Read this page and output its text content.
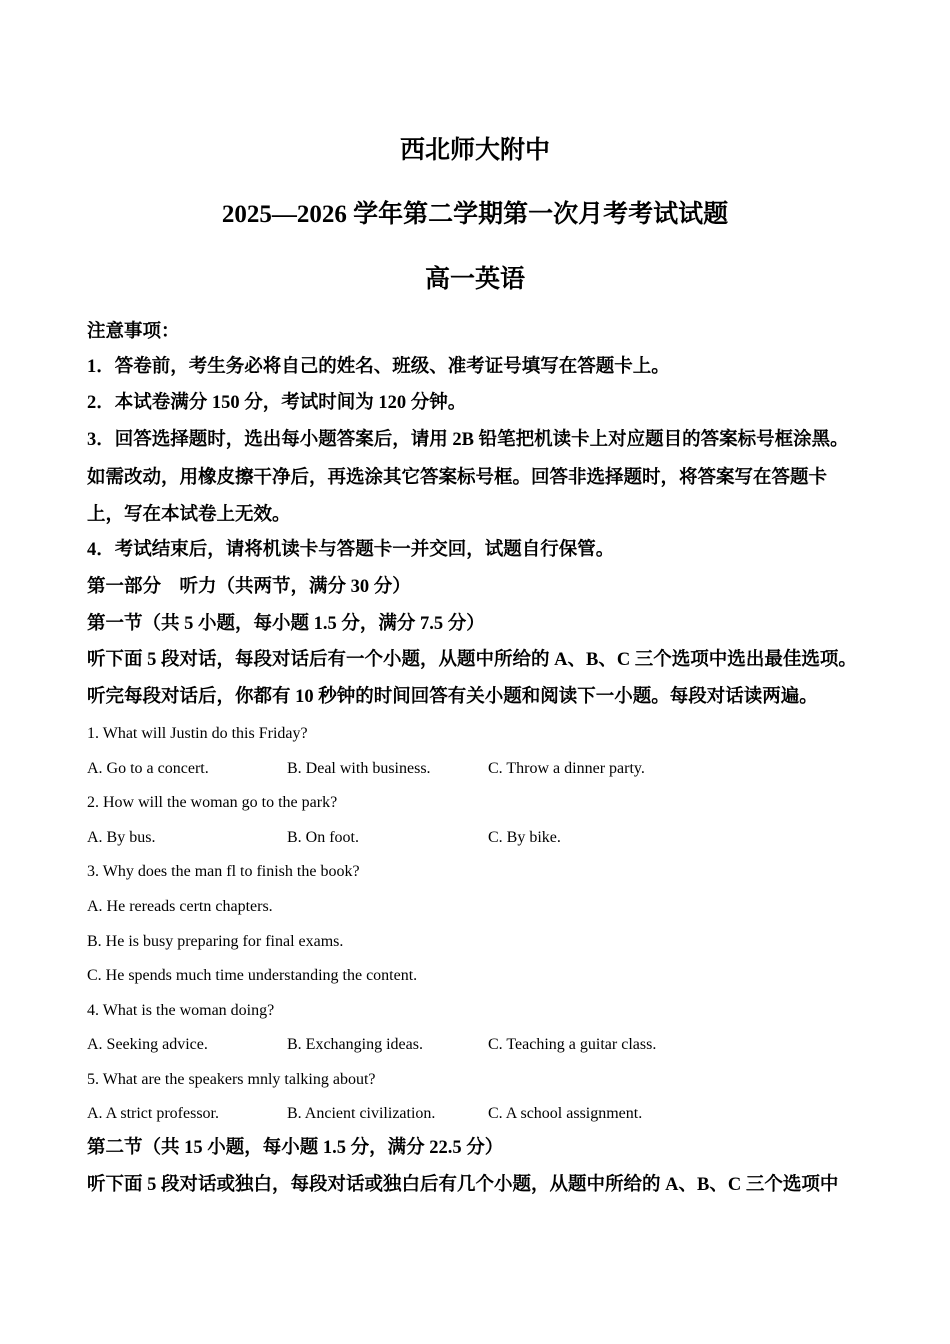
西北师大附中
2025—2026 学年第二学期第一次月考考试试题
高一英语
注意事项：
1．答卷前，考生务必将自己的姓名、班级、准考证号填写在答题卡上。
2．本试卷满分 150 分，考试时间为 120 分钟。
3．回答选择题时，选出每小题答案后，请用 2B 铅笔把机读卡上对应题目的答案标号框涂黑。
如需改动，用橡皮擦干净后，再选涂其它答案标号框。回答非选择题时，将答案写在答题卡
上，写在本试卷上无效。
4．考试结束后，请将机读卡与答题卡一并交回，试题自行保管。
第一部分　听力（共两节，满分 30 分）
第一节（共 5 小题，每小题 1.5 分，满分 7.5 分）
听下面 5 段对话，每段对话后有一个小题，从题中所给的 A、B、C 三个选项中选出最佳选项。
听完每段对话后，你都有 10 秒钟的时间回答有关小题和阅读下一小题。每段对话读两遍。
1. What will Justin do this Friday?
A. Go to a concert.	B. Deal with business.	C. Throw a dinner party.
2. How will the woman go to the park?
A. By bus.	B. On foot.	C. By bike.
3. Why does the man fl to finish the book?
A. He rereads certn chapters.
B. He is busy preparing for final exams.
C. He spends much time understanding the content.
4. What is the woman doing?
A. Seeking advice.	B. Exchanging ideas.	C. Teaching a guitar class.
5. What are the speakers mnly talking about?
A. A strict professor.	B. Ancient civilization.	C. A school assignment.
第二节（共 15 小题，每小题 1.5 分，满分 22.5 分）
听下面 5 段对话或独白，每段对话或独白后有几个小题，从题中所给的 A、B、C 三个选项中
